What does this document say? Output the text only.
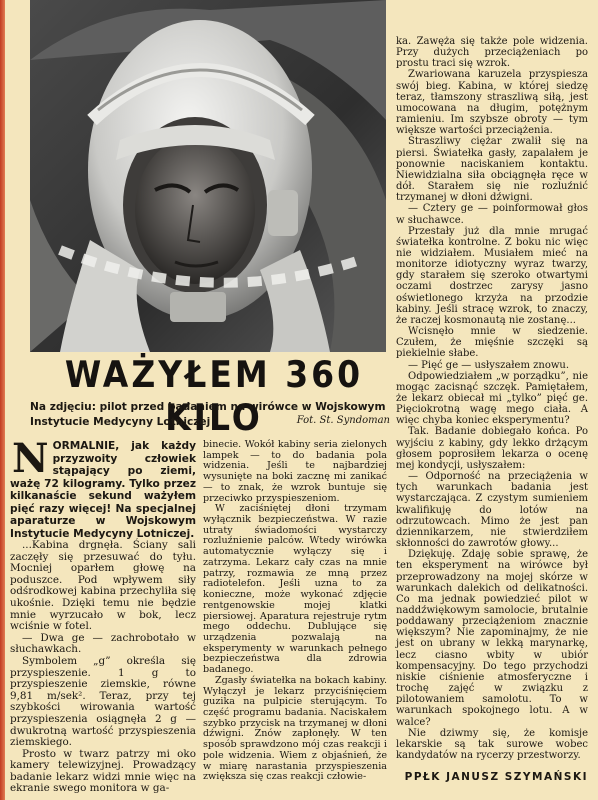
WAŻYŁEM 360 KILO
Na zdjęciu: pilot przed badaniem na wirówce w Wojskowym Instytucie Medycyny Lotniczej	Fot. St. Syndoman

NORMALNIE, jak każdy przyzwoity człowiek stąpający po ziemi, ważę 72 kilogramy. Tylko przez kilkanaście sekund ważyłem pięć razy więcej! Na specjalnej aparaturze w Wojskowym Instytucie Medycyny Lotniczej.

...Kabina drgnęła. Ściany sali zaczęły się przesuwać do tyłu. Mocniej oparłem głowę na poduszce. Pod wpływem siły odśrodkowej kabina przechyliła się ukośnie. Dzięki temu nie będzie mnie wyrzucało w bok, lecz wciśnie w fotel.

— Dwa ge — zachrobotało w słuchawkach.

Symbolem „g” określa się przyspieszenie. 1 g to przyspieszenie ziemskie, równe 9,81 m/sek². Teraz, przy tej szybkości wirowania wartość przyspieszenia osiągnęła 2 g — dwukrotną wartość przyspieszenia ziemskiego.

Prosto w twarz patrzy mi oko kamery telewizyjnej. Prowadzący badanie lekarz widzi mnie więc na ekranie swego monitora w ga-

binecie. Wokół kabiny seria zielonych lampek — to do badania pola widzenia. Jeśli te najbardziej wysunięte na boki zacznę mi zanikać — to znak, że wzrok buntuje się przeciwko przyspieszeniom.

W zaciśniętej dłoni trzymam wyłącznik bezpieczeństwa. W razie utraty świadomości wystarczy rozluźnienie palców. Wtedy wirówka automatycznie wyłączy się i zatrzyma. Lekarz cały czas na mnie patrzy, rozmawia ze mną przez radiotelefon. Jeśli uzna to za konieczne, może wykonać zdjęcie rentgenowskie mojej klatki piersiowej. Aparatura rejestruje rytm mego oddechu. Dublujące się urządzenia pozwalają na eksperymenty w warunkach pełnego bezpieczeństwa dla zdrowia badanego.

Zgasły światełka na bokach kabiny. Wyłączył je lekarz przyciśnięciem guzika na pulpicie sterującym. To część programu badania. Naciskałem szybko przycisk na trzymanej w dłoni dźwigni. Znów zapłonęły. W ten sposób sprawdzono mój czas reakcji i pole widzenia. Wiem z objaśnień, że w miarę narastania przyspieszenia zwiększa się czas reakcji człowie-

ka. Zawęża się także pole widzenia. Przy dużych przeciążeniach po prostu traci się wzrok.

Zwariowana karuzela przyspiesza swój bieg. Kabina, w której siedzę teraz, tłamszony straszliwą siłą, jest umocowana na długim, potężnym ramieniu. Im szybsze obroty — tym większe wartości przeciążenia.

Straszliwy ciężar zwalił się na piersi. Światełka gasły, zapalałem je ponownie naciskaniem kontaktu. Niewidzialna siła obciągnęła ręce w dół. Starałem się nie rozluźnić trzymanej w dłoni dźwigni.

— Cztery ge — poinformował głos w słuchawce.

Przestały już dla mnie mrugać światełka kontrolne. Z boku nic więc nie widziałem. Musiałem mieć na monitorze idiotyczny wyraz twarzy, gdy starałem się szeroko otwartymi oczami dostrzec zarysy jasno oświetlonego krzyża na przodzie kabiny. Jeśli stracę wzrok, to znaczy, że raczej kosmonautą nie zostanę...

Wcisnęło mnie w siedzenie. Czułem, że mięśnie szczęki są piekielnie słabe.

— Pięć ge — usłyszałem znowu.

Odpowiedziałem „w porządku”, nie mogąc zacisnąć szczęk. Pamiętałem, że lekarz obiecał mi „tylko” pięć ge. Pięciokrotną wagę mego ciała. A więc chyba koniec eksperymentu?

Tak. Badanie dobiegało końca. Po wyjściu z kabiny, gdy lekko drżącym głosem poprosiłem lekarza o ocenę mej kondycji, usłyszałem:

— Odporność na przeciążenia w tych warunkach badania jest wystarczająca. Z czystym sumieniem kwalifikuję do lotów na odrzutowcach. Mimo że jest pan dziennikarzem, nie stwierdziłem skłonności do zawrotów głowy...

Dziękuję. Zdaję sobie sprawę, że ten eksperyment na wirówce był przeprowadzony na mojej skórze w warunkach dalekich od delikatności. Co ma jednak powiedzieć pilot w naddźwiękowym samolocie, brutalnie poddawany przeciążeniom znacznie większym? Nie zapominajmy, że nie jest on ubrany w lekką marynarkę, lecz ciasno wbity w ubiór kompensacyjny. Do tego przychodzi niskie ciśnienie atmosferyczne i trochę zajęć w związku z pilotowaniem samolotu. To w warunkach spokojnego lotu. A w walce?

Nie dziwmy się, że komisje lekarskie są tak surowe wobec kandydatów na rycerzy przestworzy.

PPŁK JANUSZ SZYMAŃSKI
